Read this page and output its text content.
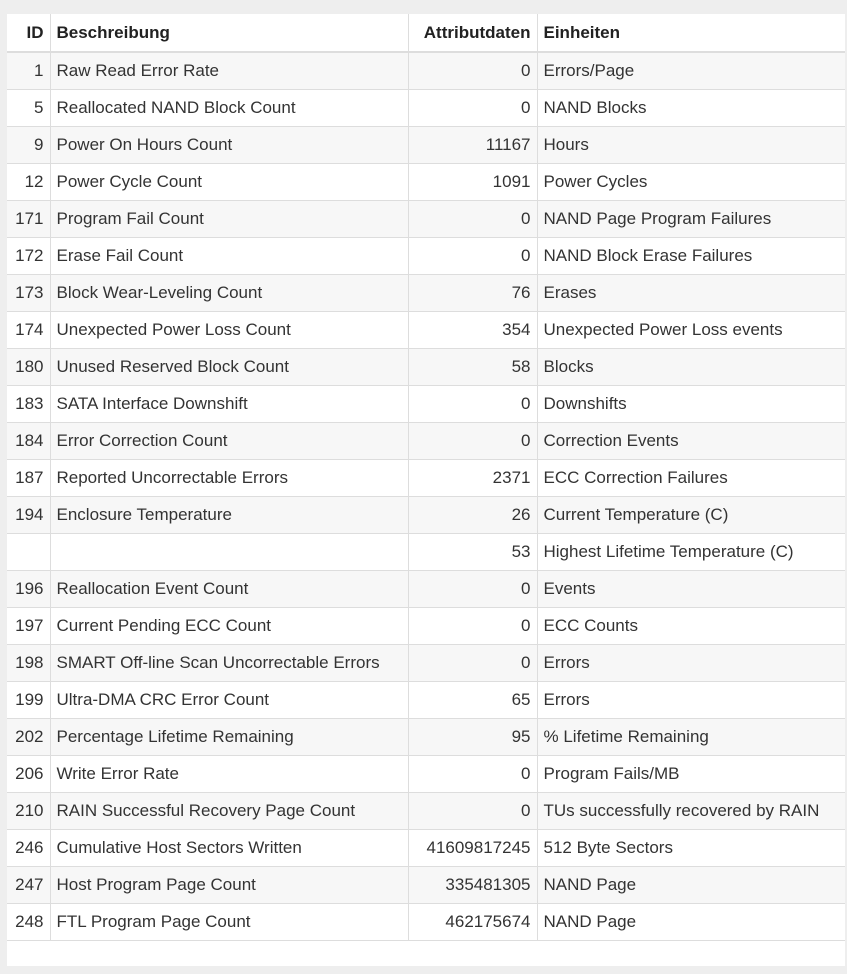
ID	Beschreibung	Attributdaten	Einheiten
1	Raw Read Error Rate	0	Errors/Page
5	Reallocated NAND Block Count	0	NAND Blocks
9	Power On Hours Count	11167	Hours
12	Power Cycle Count	1091	Power Cycles
171	Program Fail Count	0	NAND Page Program Failures
172	Erase Fail Count	0	NAND Block Erase Failures
173	Block Wear-Leveling Count	76	Erases
174	Unexpected Power Loss Count	354	Unexpected Power Loss events
180	Unused Reserved Block Count	58	Blocks
183	SATA Interface Downshift	0	Downshifts
184	Error Correction Count	0	Correction Events
187	Reported Uncorrectable Errors	2371	ECC Correction Failures
194	Enclosure Temperature	26	Current Temperature (C)
		53	Highest Lifetime Temperature (C)
196	Reallocation Event Count	0	Events
197	Current Pending ECC Count	0	ECC Counts
198	SMART Off-line Scan Uncorrectable Errors	0	Errors
199	Ultra-DMA CRC Error Count	65	Errors
202	Percentage Lifetime Remaining	95	% Lifetime Remaining
206	Write Error Rate	0	Program Fails/MB
210	RAIN Successful Recovery Page Count	0	TUs successfully recovered by RAIN
246	Cumulative Host Sectors Written	41609817245	512 Byte Sectors
247	Host Program Page Count	335481305	NAND Page
248	FTL Program Page Count	462175674	NAND Page
